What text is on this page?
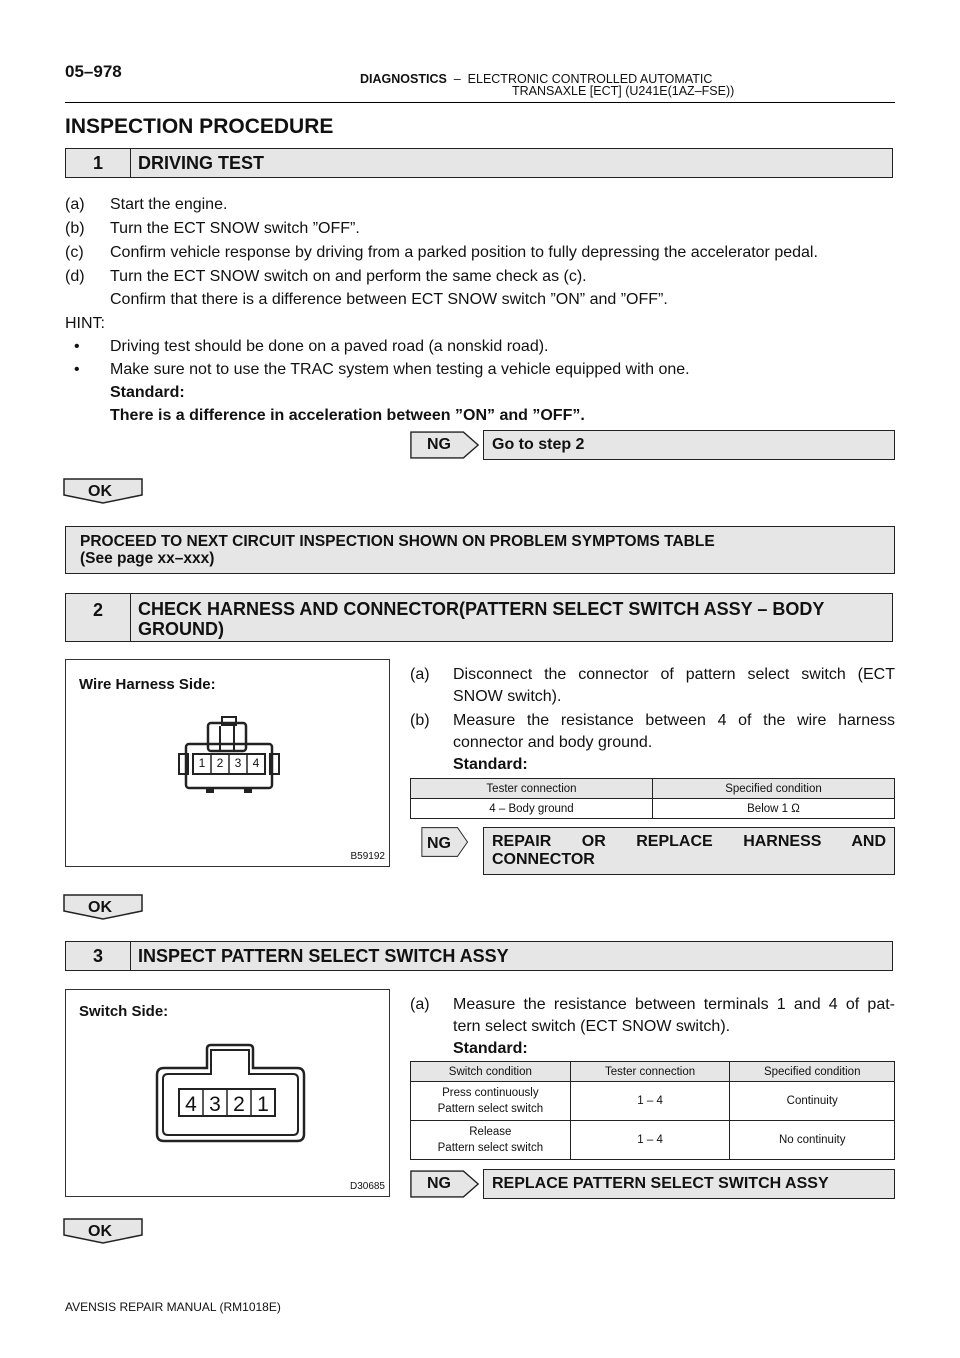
05–978	DIAGNOSTICS  –  ELECTRONIC CONTROLLED AUTOMATIC
TRANSAXLE [ECT] (U241E(1AZ–FSE))
INSPECTION PROCEDURE
1	DRIVING TEST
(a) Start the engine.
(b) Turn the ECT SNOW switch ”OFF”.
(c) Confirm vehicle response by driving from a parked position to fully depressing the accelerator pedal.
(d) Turn the ECT SNOW switch on and perform the same check as (c).
Confirm that there is a difference between ECT SNOW switch ”ON” and ”OFF”.
HINT:
• Driving test should be done on a paved road (a nonskid road).
• Make sure not to use the TRAC system when testing a vehicle equipped with one.
Standard:
There is a difference in acceleration between ”ON” and ”OFF”.
NG	Go to step 2
OK
PROCEED TO NEXT CIRCUIT INSPECTION SHOWN ON PROBLEM SYMPTOMS TABLE
(See page xx–xxx)
2	CHECK HARNESS AND CONNECTOR(PATTERN SELECT SWITCH ASSY – BODY
GROUND)
Wire Harness Side:
B59192
1 2 3 4
(a) Disconnect the connector of pattern select switch (ECT
SNOW switch).
(b) Measure the resistance between 4 of the wire harness
connector and body ground.
Standard:
Tester connection	Specified condition
4 – Body ground	Below 1 Ω
NG	REPAIR OR REPLACE HARNESS AND
CONNECTOR
OK
3	INSPECT PATTERN SELECT SWITCH ASSY
Switch Side:
D30685
4 3 2 1
(a) Measure the resistance between terminals 1 and 4 of pat-
tern select switch (ECT SNOW switch).
Standard:
Switch condition	Tester connection	Specified condition
Press continuously
Pattern select switch	1 – 4	Continuity
Release
Pattern select switch	1 – 4	No continuity
NG	REPLACE PATTERN SELECT SWITCH ASSY
OK
AVENSIS REPAIR MANUAL (RM1018E)
